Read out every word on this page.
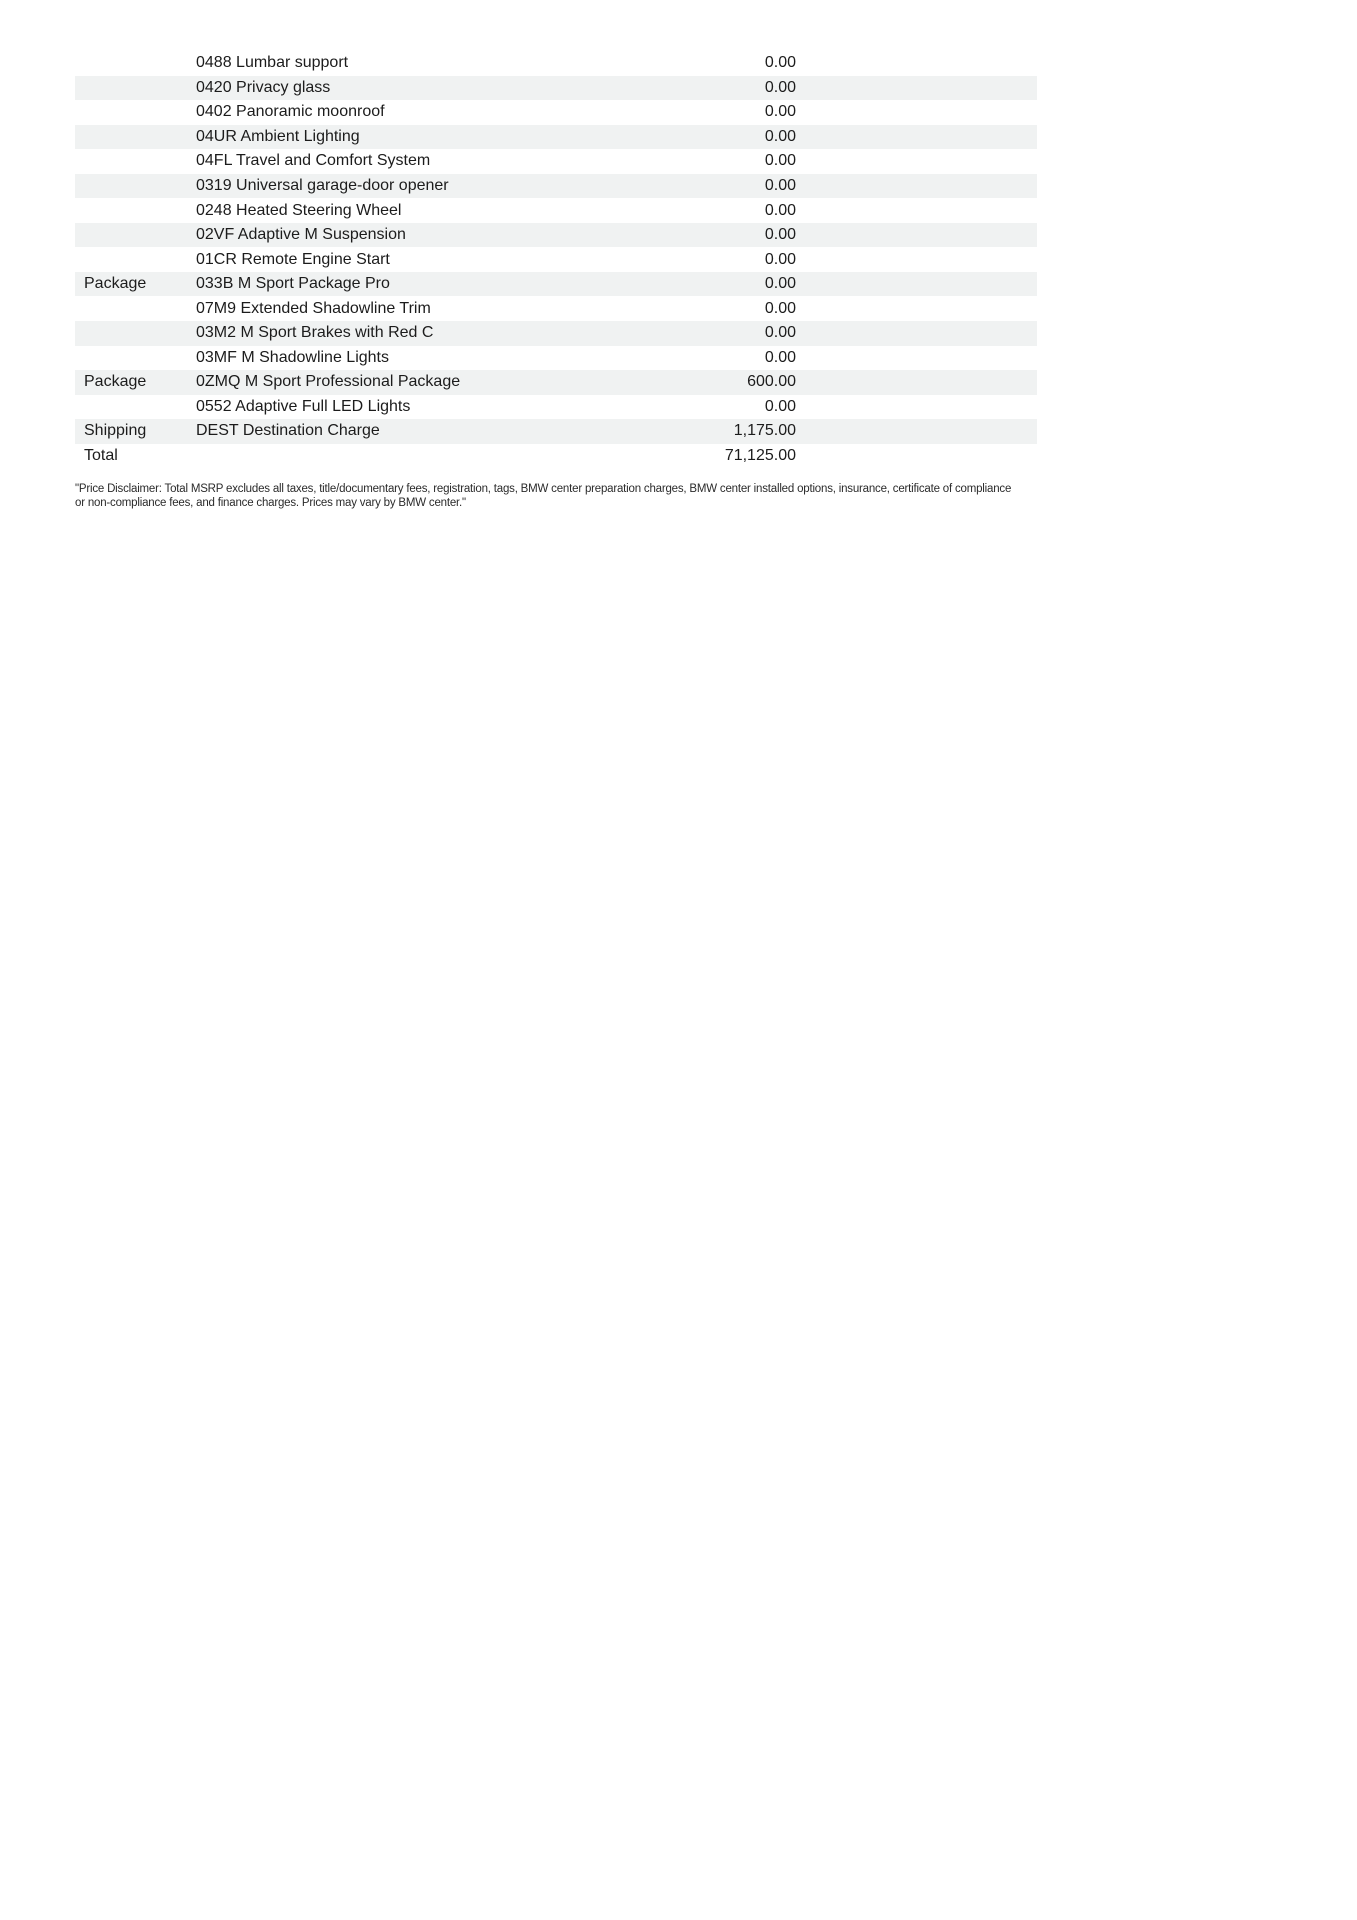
	0488 Lumbar support	0.00
	0420 Privacy glass	0.00
	0402 Panoramic moonroof	0.00
	04UR Ambient Lighting	0.00
	04FL Travel and Comfort System	0.00
	0319 Universal garage-door opener	0.00
	0248 Heated Steering Wheel	0.00
	02VF Adaptive M Suspension	0.00
	01CR Remote Engine Start	0.00
Package	033B M Sport Package Pro	0.00
	07M9 Extended Shadowline Trim	0.00
	03M2 M Sport Brakes with Red C	0.00
	03MF M Shadowline Lights	0.00
Package	0ZMQ M Sport Professional Package	600.00
	0552 Adaptive Full LED Lights	0.00
Shipping	DEST Destination Charge	1,175.00
Total		71,125.00

"Price Disclaimer: Total MSRP excludes all taxes, title/documentary fees, registration, tags, BMW center preparation charges, BMW center installed options, insurance, certificate of compliance or non-compliance fees, and finance charges. Prices may vary by BMW center."
